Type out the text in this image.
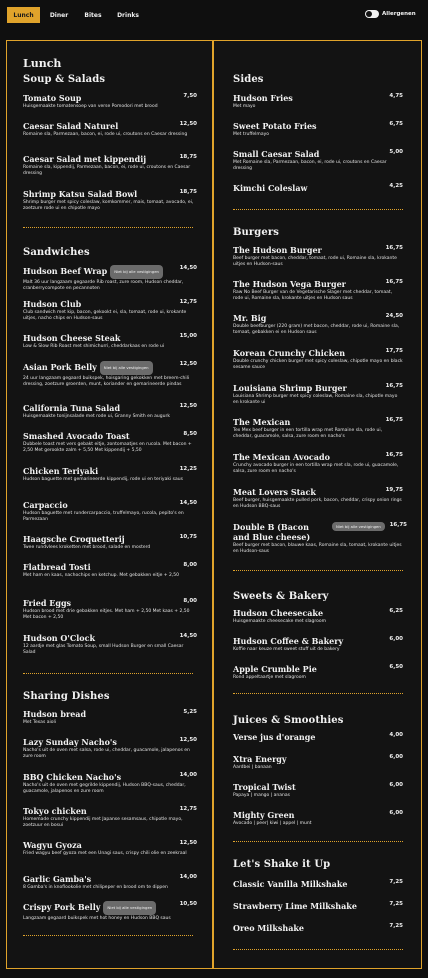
Lunch	Diner	Bites	Drinks	Allergenen
Lunch
Soup & Salads
Tomato Soup
Huisgemaakte tomatensoep van verse Pomodori met brood
7,50
Caesar Salad Naturel
Romaine sla, Parmezaan, bacon, ei, rode ui, croutons en Caesar dressing
12,50
Caesar Salad met kippendij
Romaine sla, kippendij, Parmezaan, bacon, ei, rode ui, croutons en Caesar dressing
18,75
Shrimp Katsu Salad Bowl
Shrimp burger met spicy coleslaw, komkommer, mais, tomaat, avocado, ei, zoetzure rode ui en chipotle mayo
18,75
Sandwiches
Hudson Beef Wrap Niet bij alle vestigingen
Malt 36 uur langzaam gegaarde Rib roast, zure room, Hudson cheddar, cranberrycompote en pecannoten
14,50
Hudson Club
Club sandwich met kip, bacon, gekookt ei, sla, tomaat, rode ui, krokante uitjes, nacho chips en Hudson-saus
12,75
Hudson Cheese Steak
Low & Slow Rib Roast met shimichurri, cheddarkaas en rode ui
15,00
Asian Pork Belly Niet bij alle vestigingen
24 uur langzaam gegaard buikspek, hoisgaring gekokken met breem-chili dressing, zoetzure groenten, munt, koriander en gemarineerde pindas
12,50
California Tuna Salad
Huisgemaakte tonijnsalade met rode ui, Granny Smith en augurk
12,50
Smashed Avocado Toast
Dubbele toast met vers gebakt eitje, zontomaatjes en rucola. Met bacon + 2,50 Met gerookte zalm + 5,50 Met kippendij + 5,50
8,50
Chicken Teriyaki
Hudson baguette met gemarineerde kippendij, rode ui en teriyaki saus
12,25
Carpaccio
Hudson baguette met rundercarpaccio, truffelmayo, rucola, pepito's en Parmezaan
14,50
Haagsche Croquetterij
Twee rundvlees kroketten met brood, salade en mosterd
10,75
Flatbread Tosti
Met ham en kaas, nachochips en ketchup. Met gebakken eitje + 2,50
8,00
Fried Eggs
Hudson brood met drie gebakken eitjes. Met ham + 2,50 Met kaas + 2,50 Met bacon + 2,50
8,00
Hudson O'Clock
12 aardje met glas Tomato Soup, small Hudson Burger en small Caesar Salad
14,50
Sharing Dishes
Hudson bread
Met Texas aioli
5,25
Lazy Sunday Nacho's
Nacho's uit de oven met salsa, rode ui, cheddar, guacamole, jalapenos en zure room
12,50
BBQ Chicken Nacho's
Nacho's uit de oven met gegrilde kippendij, Hudson BBQ-saus, cheddar, guacamole, jalapenos en zure room
14,00
Tokyo chicken
Homemade crunchy kippendij met Japanse sesamsaus, chipotle mayo, zoetzuur en bosui
12,75
Wagyu Gyoza
Fried wagyu beef gyoza met een Unagi saus, crispy chili olie en zeekraal
12,50
Garlic Gamba's
8 Gamba's in knoflookolie met chilipeper en brood om te dippen
14,00
Crispy Pork Belly Niet bij alle vestigingen
Langzaam gegaard buikspek met hot honey en Hudson BBQ saus
10,50
Sides
Hudson Fries
Met mayo
4,75
Sweet Potato Fries
Met truffelmayo
6,75
Small Caesar Salad
Met Romaine sla, Parmezaan, bacon, ei, rode ui, croutons en Caesar dressing
5,00
Kimchi Coleslaw	4,25
Burgers
The Hudson Burger
Beef burger met bacon, cheddar, tomaat, rode ui, Romaine sla, krokante uitjes en Hudson-saus
16,75
The Hudson Vega Burger
Raw No Beef Burger van de Vegetarische Slager met cheddar, tomaat, rode ui, Romaine sla, krokante uitjes en Hudson saus
16,75
Mr. Big
Double beefburger (220 gram) met bacon, cheddar, rode ui, Romaine sla, tomaat, gebakken ei en Hudson saus
24,50
Korean Crunchy Chicken
Double crunchy chicken burger met spicy coleslaw, chipotle mayo en black sesame sauce
17,75
Louisiana Shrimp Burger
Louisiana Shrimp burger met spicy coleslaw, Romaine sla, chipotle mayo en krokante ui
16,75
The Mexican
Tex Mex beef burger in een tortilla wrap met Romaine sla, rode ui, cheddar, guacamole, salsa, zure room en nacho's
16,75
The Mexican Avocado
Crunchy avocado burger in een tortilla wrap met sla, rode ui, guacamole, salsa, zure room en nacho's
16,75
Meat Lovers Stack
Beef burger, huisgemaakte pulled pork, bacon, cheddar, crispy onion rings en Hudson BBQ-saus
19,75
Double B (Bacon and Blue cheese)
Niet bij alle vestigingen
Beef burger met bacon, blauwe kaas, Romaine sla, tomaat, krokante uitjes en Hudson-saus
16,75
Sweets & Bakery
Hudson Cheesecake
Huisgemaakte cheesecake met slagroom
6,25
Hudson Coffee & Bakery
Koffie naar keuze met sweet stuff uit de bakery
6,00
Apple Crumble Pie
Rond appeltaartje met slagroom
6,50
Juices & Smoothies
Verse jus d'orange	4,00
Xtra Energy
Aardbei | banaan
6,00
Tropical Twist
Papaya | mango | ananas
6,00
Mighty Green
Avocado | peer| kiwi | appel | munt
6,00
Let's Shake it Up
Classic Vanilla Milkshake	7,25
Strawberry Lime Milkshake	7,25
Oreo Milkshake	7,25
